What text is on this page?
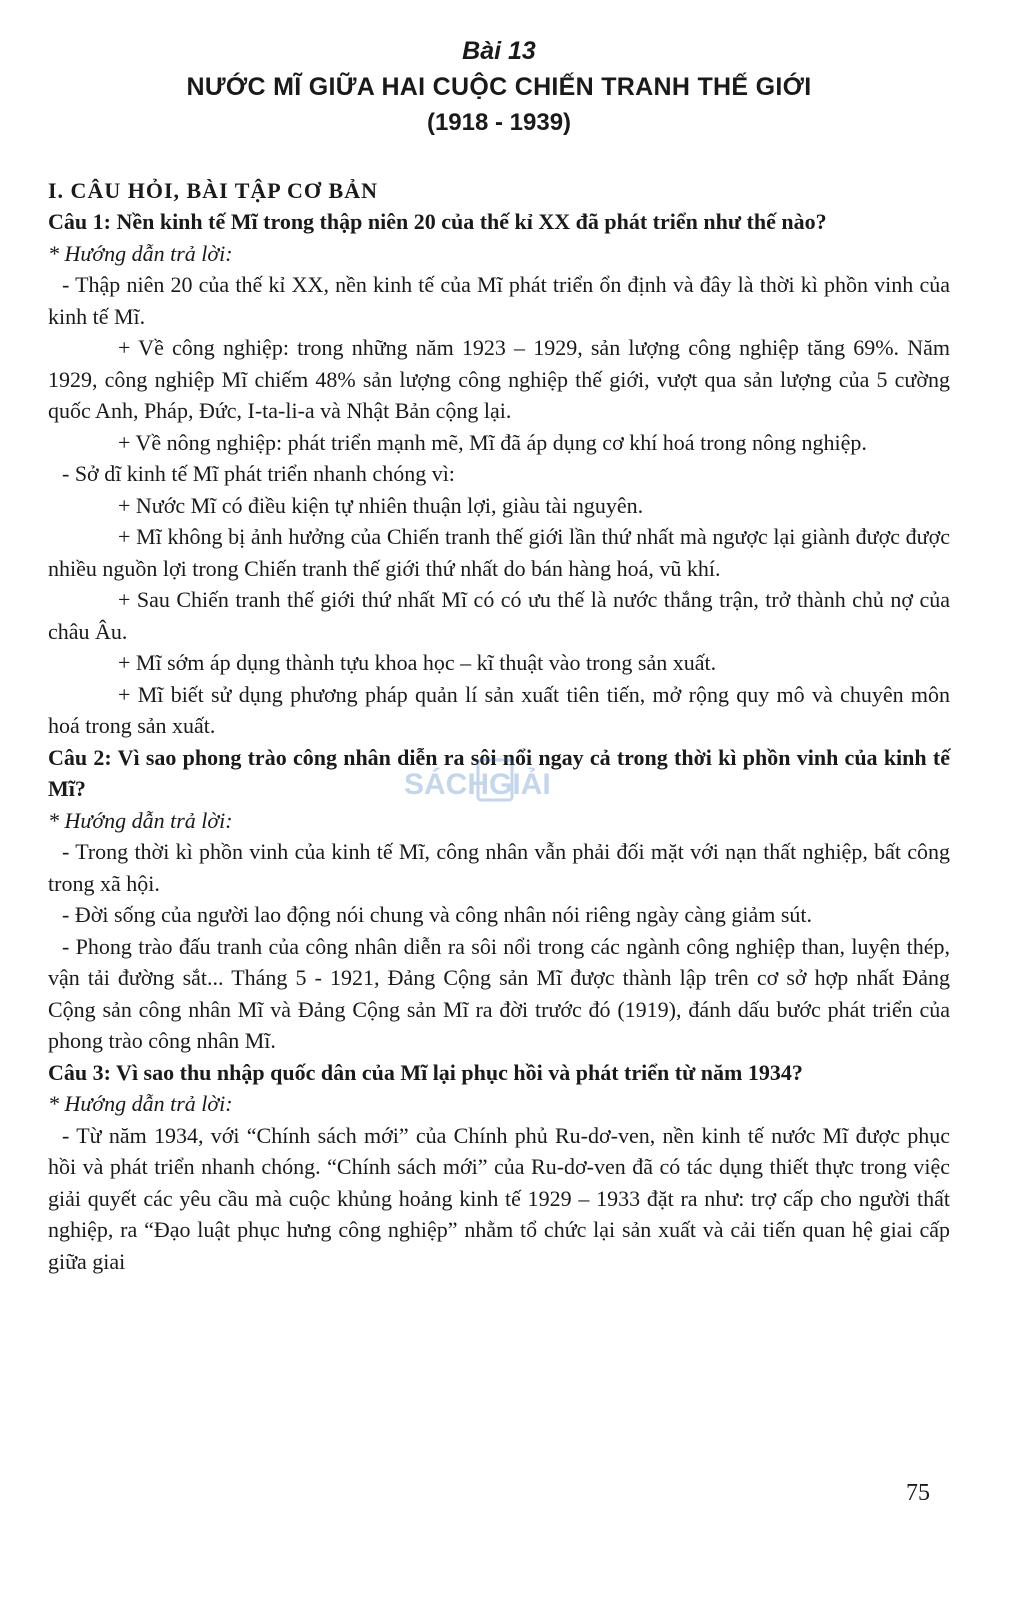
Bài 13

NƯỚC MĨ GIỮA HAI CUỘC CHIẾN TRANH THẾ GIỚI

(1918 - 1939)

I. CÂU HỎI, BÀI TẬP CƠ BẢN

Câu 1: Nền kinh tế Mĩ trong thập niên 20 của thế kỉ XX đã phát triển như thế nào?

* Hướng dẫn trả lời:

- Thập niên 20 của thế kỉ XX, nền kinh tế của Mĩ phát triển ổn định và đây là thời kì phồn vinh của kinh tế Mĩ.

+ Về công nghiệp: trong những năm 1923 – 1929, sản lượng công nghiệp tăng 69%. Năm 1929, công nghiệp Mĩ chiếm 48% sản lượng công nghiệp thế giới, vượt qua sản lượng của 5 cường quốc Anh, Pháp, Đức, I-ta-li-a và Nhật Bản cộng lại.

+ Về nông nghiệp: phát triển mạnh mẽ, Mĩ đã áp dụng cơ khí hoá trong nông nghiệp.

- Sở dĩ kinh tế Mĩ phát triển nhanh chóng vì:

+ Nước Mĩ có điều kiện tự nhiên thuận lợi, giàu tài nguyên.

+ Mĩ không bị ảnh hưởng của Chiến tranh thế giới lần thứ nhất mà ngược lại giành được được nhiều nguồn lợi trong Chiến tranh thế giới thứ nhất do bán hàng hoá, vũ khí.

+ Sau Chiến tranh thế giới thứ nhất Mĩ có có ưu thế là nước thắng trận, trở thành chủ nợ của châu Âu.

+ Mĩ sớm áp dụng thành tựu khoa học – kĩ thuật vào trong sản xuất.

+ Mĩ biết sử dụng phương pháp quản lí sản xuất tiên tiến, mở rộng quy mô và chuyên môn hoá trong sản xuất.

Câu 2: Vì sao phong trào công nhân diễn ra sôi nổi ngay cả trong thời kì phồn vinh của kinh tế Mĩ?

* Hướng dẫn trả lời:

- Trong thời kì phồn vinh của kinh tế Mĩ, công nhân vẫn phải đối mặt với nạn thất nghiệp, bất công trong xã hội.

- Đời sống của người lao động nói chung và công nhân nói riêng ngày càng giảm sút.

- Phong trào đấu tranh của công nhân diễn ra sôi nổi trong các ngành công nghiệp than, luyện thép, vận tải đường sắt... Tháng 5 - 1921, Đảng Cộng sản Mĩ được thành lập trên cơ sở hợp nhất Đảng Cộng sản công nhân Mĩ và Đảng Cộng sản Mĩ ra đời trước đó (1919), đánh dấu bước phát triển của phong trào công nhân Mĩ.

Câu 3: Vì sao thu nhập quốc dân của Mĩ lại phục hồi và phát triển từ năm 1934?

* Hướng dẫn trả lời:

- Từ năm 1934, với “Chính sách mới” của Chính phủ Ru-dơ-ven, nền kinh tế nước Mĩ được phục hồi và phát triển nhanh chóng. “Chính sách mới” của Ru-dơ-ven đã có tác dụng thiết thực trong việc giải quyết các yêu cầu mà cuộc khủng hoảng kinh tế 1929 – 1933 đặt ra như: trợ cấp cho người thất nghiệp, ra “Đạo luật phục hưng công nghiệp” nhằm tổ chức lại sản xuất và cải tiến quan hệ giai cấp giữa giai

SÁCHGIẢI
75
